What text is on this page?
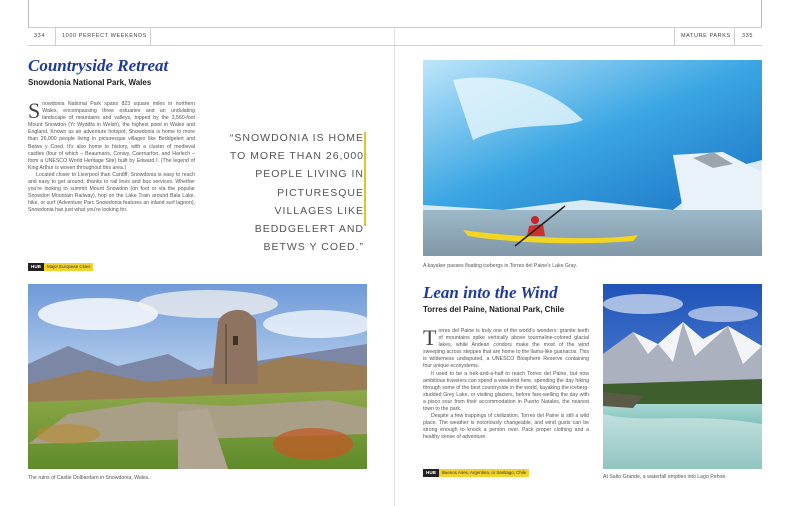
334	1000 PERFECT WEEKENDS	MATURE PARKS 335
Countryside Retreat
Snowdonia National Park, Wales

Snowdonia National Park spans 823 square miles in northern Wales, encompassing three estuaries and an undulating landscape of mountains and valleys, topped by the 3,560-foot Mount Snowdon (Yr Wyddfa in Welsh), the highest point in Wales and England. Known as an adventure hotspot, Snowdonia is home to more than 26,000 people living in picturesque villages like Beddgelert and Betws y Coed. It's also home to history, with a cluster of medieval castles (four of which – Beaumaris, Conwy, Caernarfon, and Harlech – form a UNESCO World Heritage Site) built by Edward I. (The legend of King Arthur is woven throughout this area.)

Located closer to Liverpool than Cardiff, Snowdonia is easy to reach and easy to get around, thanks to rail lines and bus services. Whether you're looking to summit Mount Snowdon (on foot or via the popular Snowdon Mountain Railway), hop on the Lake Train around Bala Lake, hike, or surf (Adventure Parc Snowdonia features an inland surf lagoon), Snowdonia has just what you're looking for.

HUB Major European Cities
“SNOWDONIA IS HOME TO MORE THAN 26,000 PEOPLE LIVING IN PICTURESQUE VILLAGES LIKE BEDDGELERT AND BETWS Y COED.”
The ruins of Castle Dolbardarn in Snowdonia, Wales.
A kayaker passes floating icebergs in Torres del Paine's Lake Gray.
Lean into the Wind
Torres del Paine, National Park, Chile

Torres del Paine is truly one of the world's wonders: granite teeth of mountains spike vertically above tourmaline-colored glacial lakes, while Andean condors make the most of the wind sweeping across steppes that are home to the llama-like guanacos. This is wilderness undisputed, a UNESCO Biosphere Reserve containing four unique ecosystems.

It used to be a trek-and-a-half to reach Torres del Paine, but now ambitious travelers can spend a weekend here, spending the day hiking through some of the best countryside in the world, kayaking the iceberg-studded Grey Lake, or visiting glaciers, before fare-welling the day with a pisco sour from their accommodation in Puerto Natales, the nearest town to the park.

Despite a few trappings of civilization, Torres del Paine is still a wild place. The weather is notoriously changeable, and wind gusts can be strong enough to knock a person over. Pack proper clothing and a healthy sense of adventure.

HUB Buenos Aires, Argentina, or Santiago, Chile
At Salto Grande, a waterfall empties into Lago Pehoe.
